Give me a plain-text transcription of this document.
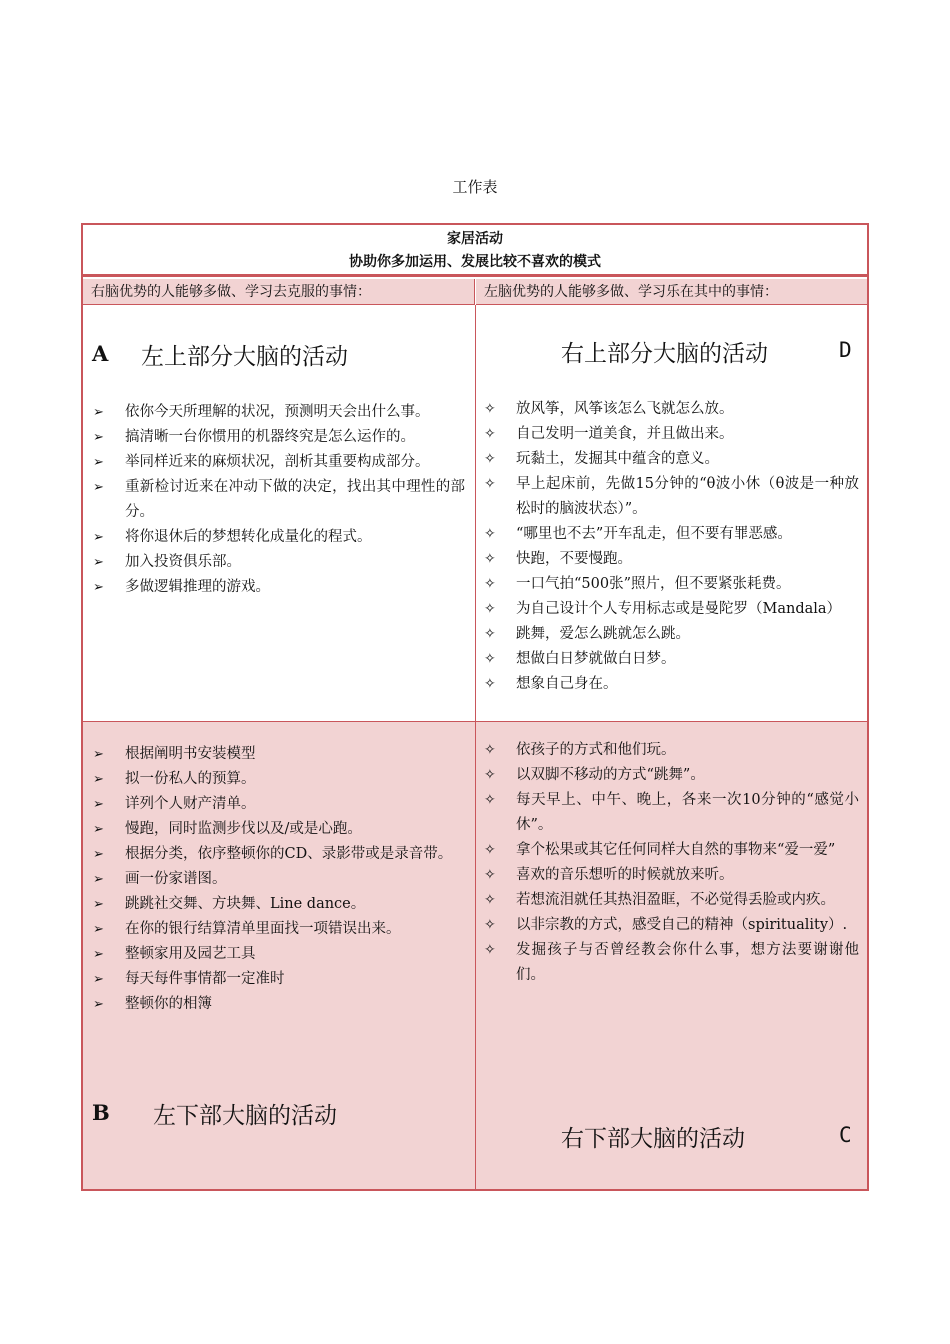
工作表
家居活动
协助你多加运用、发展比较不喜欢的模式
右脑优势的人能够多做、学习去克服的事情：	左脑优势的人能够多做、学习乐在其中的事情：
A 左上部分大脑的活动
➢ 依你今天所理解的状况，预测明天会出什么事。
➢ 搞清晰一台你惯用的机器终究是怎么运作的。
➢ 举同样近来的麻烦状况，剖析其重要构成部分。
➢ 重新检讨近来在冲动下做的决定，找出其中理性的部分。
➢ 将你退休后的梦想转化成量化的程式。
➢ 加入投资俱乐部。
➢ 多做逻辑推理的游戏。
右上部分大脑的活动	D
✧ 放风筝，风筝该怎么飞就怎么放。
✧ 自己发明一道美食，并且做出来。
✧ 玩黏土，发掘其中蕴含的意义。
✧ 早上起床前，先做15分钟的“θ波小休（θ波是一种放松时的脑波状态）”。
✧ “哪里也不去”开车乱走，但不要有罪恶感。
✧ 快跑，不要慢跑。
✧ 一口气拍“500张”照片，但不要紧张耗费。
✧ 为自己设计个人专用标志或是曼陀罗（Mandala）
✧ 跳舞，爱怎么跳就怎么跳。
✧ 想做白日梦就做白日梦。
✧ 想象自己身在。
➢ 根据阐明书安装模型
➢ 拟一份私人的预算。
➢ 详列个人财产清单。
➢ 慢跑，同时监测步伐以及/或是心跑。
➢ 根据分类，依序整顿你的CD、录影带或是录音带。
➢ 画一份家谱图。
➢ 跳跳社交舞、方块舞、Line dance。
➢ 在你的银行结算清单里面找一项错误出来。
➢ 整顿家用及园艺工具
➢ 每天每件事情都一定准时
➢ 整顿你的相簿
B 左下部大脑的活动
✧ 依孩子的方式和他们玩。
✧ 以双脚不移动的方式“跳舞”。
✧ 每天早上、中午、晚上，各来一次10分钟的“感觉小休”。
✧ 拿个松果或其它任何同样大自然的事物来“爱一爱”
✧ 喜欢的音乐想听的时候就放来听。
✧ 若想流泪就任其热泪盈眶，不必觉得丢脸或内疚。
✧ 以非宗教的方式，感受自己的精神（spirituality）.
✧ 发掘孩子与否曾经教会你什么事，想方法要谢谢他们。
右下部大脑的活动	C
